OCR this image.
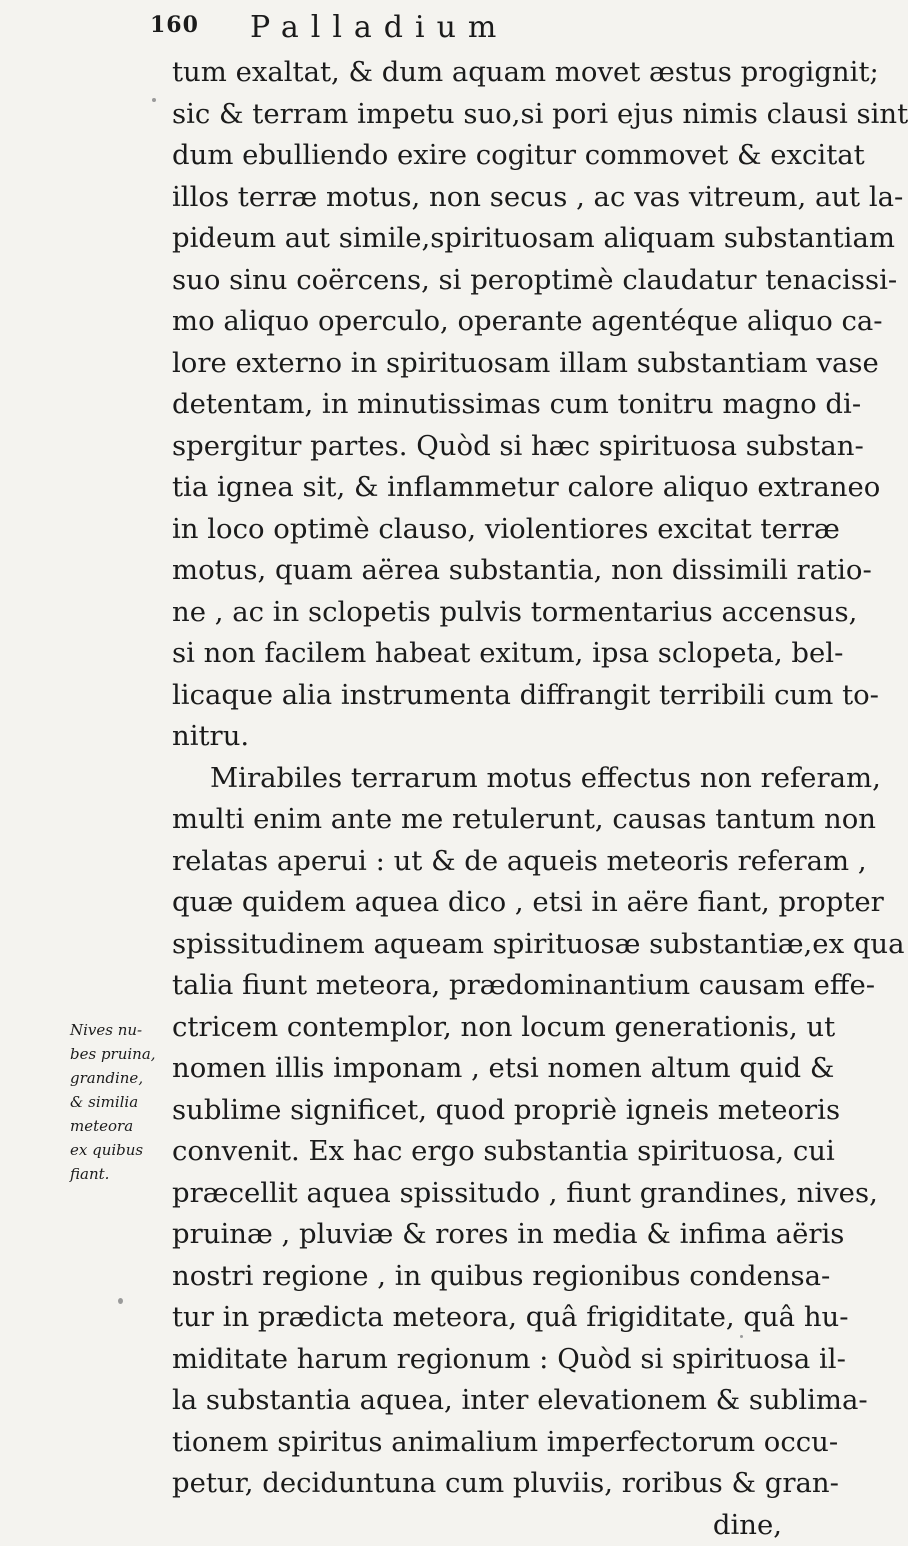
160 Palladium
tum exaltat, & dum aquam movet æstus progignit;
sic & terram impetu suo,si pori ejus nimis clausi sint
dum ebulliendo exire cogitur commovet & excitat
illos terræ motus, non secus , ac vas vitreum, aut la-
pideum aut simile,spirituosam aliquam substantiam
suo sinu coërcens, si peroptimè claudatur tenacissi-
mo aliquo operculo, operante agentéque aliquo ca-
lore externo in spirituosam illam substantiam vase
detentam, in minutissimas cum tonitru magno di-
spergitur partes. Quòd si hæc spirituosa substan-
tia ignea sit, & inflammetur calore aliquo extraneo
in loco optimè clauso, violentiores excitat terræ
motus, quam aërea substantia, non dissimili ratio-
ne , ac in sclopetis pulvis tormentarius accensus,
si non facilem habeat exitum, ipsa sclopeta, bel-
licaque alia instrumenta diffrangit terribili cum to-
nitru.
Mirabiles terrarum motus effectus non referam,
multi enim ante me retulerunt, causas tantum non
relatas aperui : ut & de aqueis meteoris referam ,
quæ quidem aquea dico , etsi in aëre fiant, propter
spissitudinem aqueam spirituosæ substantiæ,ex qua
talia fiunt meteora, prædominantium causam effe-
ctricem contemplor, non locum generationis, ut
nomen illis imponam , etsi nomen altum quid &
sublime significet, quod propriè igneis meteoris
convenit. Ex hac ergo substantia spirituosa, cui
præcellit aquea spissitudo , fiunt grandines, nives,
pruinæ , pluviæ & rores in media & infima aëris
nostri regione , in quibus regionibus condensa-
tur in prædicta meteora, quâ frigiditate, quâ hu-
miditate harum regionum : Quòd si spirituosa il-
la substantia aquea, inter elevationem & sublima-
tionem spiritus animalium imperfectorum occu-
petur, deciduntuna cum pluviis, roribus & gran-
dine,
Nives nu-
bes pruina,
grandine,
& similia
meteora
ex quibus
fiant.
